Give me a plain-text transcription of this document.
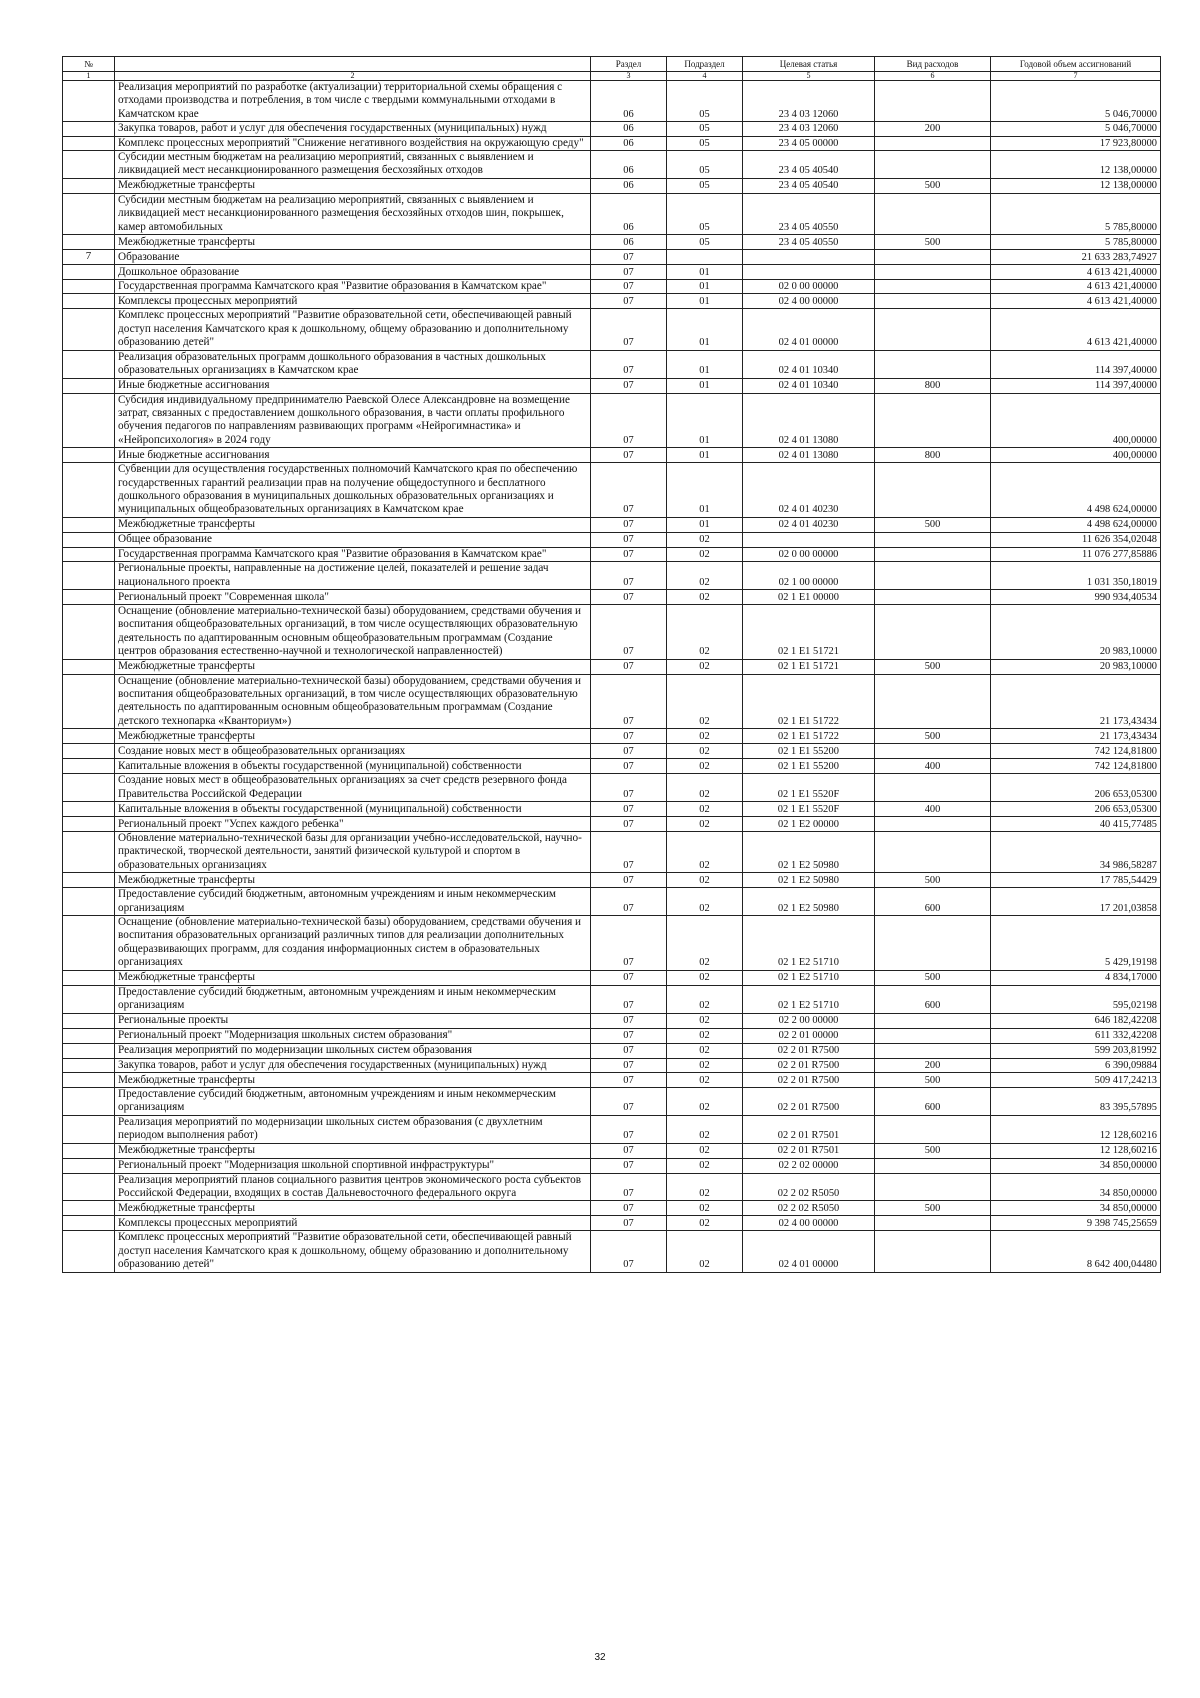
№		Раздел	Подраздел	Целевая статья	Вид расходов	Годовой объем ассигнований
1	2	3	4	5	6	7
	Реализация мероприятий по разработке (актуализации) территориальной схемы обращения с отходами производства и потребления, в том числе с твердыми коммунальными отходами в Камчатском крае	06	05	23 4 03 12060		5 046,70000
	Закупка товаров, работ и услуг для обеспечения государственных (муниципальных) нужд	06	05	23 4 03 12060	200	5 046,70000
	Комплекс процессных мероприятий "Снижение негативного воздействия на окружающую среду"	06	05	23 4 05 00000		17 923,80000
	Субсидии местным бюджетам на реализацию мероприятий, связанных с выявлением и ликвидацией мест несанкционированного размещения бесхозяйных отходов	06	05	23 4 05 40540		12 138,00000
	Межбюджетные трансферты	06	05	23 4 05 40540	500	12 138,00000
	Субсидии местным бюджетам на реализацию мероприятий, связанных с выявлением и ликвидацией мест несанкционированного размещения бесхозяйных отходов шин, покрышек, камер автомобильных	06	05	23 4 05 40550		5 785,80000
	Межбюджетные трансферты	06	05	23 4 05 40550	500	5 785,80000
7	Образование	07				21 633 283,74927
	Дошкольное образование	07	01			4 613 421,40000
	Государственная программа Камчатского края "Развитие образования в Камчатском крае"	07	01	02 0 00 00000		4 613 421,40000
	Комплексы процессных мероприятий	07	01	02 4 00 00000		4 613 421,40000
	Комплекс процессных мероприятий "Развитие образовательной сети, обеспечивающей равный доступ населения Камчатского края к дошкольному, общему образованию и дополнительному образованию детей"	07	01	02 4 01 00000		4 613 421,40000
	Реализация образовательных программ дошкольного образования в частных дошкольных образовательных организациях в Камчатском крае	07	01	02 4 01 10340		114 397,40000
	Иные бюджетные ассигнования	07	01	02 4 01 10340	800	114 397,40000
	Субсидия индивидуальному предпринимателю Раевской Олесе Александровне на возмещение затрат, связанных с предоставлением дошкольного образования, в части оплаты профильного обучения педагогов по направлениям развивающих программ «Нейрогимнастика» и «Нейропсихология» в 2024 году	07	01	02 4 01 13080		400,00000
	Иные бюджетные ассигнования	07	01	02 4 01 13080	800	400,00000
	Субвенции для осуществления государственных полномочий Камчатского края по обеспечению государственных гарантий реализации прав на получение общедоступного и бесплатного дошкольного образования в муниципальных дошкольных образовательных организациях и муниципальных общеобразовательных организациях в Камчатском крае	07	01	02 4 01 40230		4 498 624,00000
	Межбюджетные трансферты	07	01	02 4 01 40230	500	4 498 624,00000
	Общее образование	07	02			11 626 354,02048
	Государственная программа Камчатского края "Развитие образования в Камчатском крае"	07	02	02 0 00 00000		11 076 277,85886
	Региональные проекты, направленные на достижение целей, показателей и решение задач национального проекта	07	02	02 1 00 00000		1 031 350,18019
	Региональный проект "Современная школа"	07	02	02 1 Е1 00000		990 934,40534
	Оснащение (обновление материально-технической базы) оборудованием, средствами обучения и воспитания общеобразовательных организаций, в том числе осуществляющих образовательную деятельность по адаптированным основным общеобразовательным программам (Создание центров образования естественно-научной и технологической направленностей)	07	02	02 1 Е1 51721		20 983,10000
	Межбюджетные трансферты	07	02	02 1 Е1 51721	500	20 983,10000
	Оснащение (обновление материально-технической базы) оборудованием, средствами обучения и воспитания общеобразовательных организаций, в том числе осуществляющих образовательную деятельность по адаптированным основным общеобразовательным программам (Создание детского технопарка «Кванториум»)	07	02	02 1 Е1 51722		21 173,43434
	Межбюджетные трансферты	07	02	02 1 Е1 51722	500	21 173,43434
	Создание новых мест в общеобразовательных организациях	07	02	02 1 Е1 55200		742 124,81800
	Капитальные вложения в объекты государственной (муниципальной) собственности	07	02	02 1 Е1 55200	400	742 124,81800
	Создание новых мест в общеобразовательных организациях за счет средств резервного фонда Правительства Российской Федерации	07	02	02 1 Е1 5520F		206 653,05300
	Капитальные вложения в объекты государственной (муниципальной) собственности	07	02	02 1 Е1 5520F	400	206 653,05300
	Региональный проект "Успех каждого ребенка"	07	02	02 1 Е2 00000		40 415,77485
	Обновление материально-технической базы для организации учебно-исследовательской, научно-практической, творческой деятельности, занятий физической культурой и спортом в образовательных организациях	07	02	02 1 Е2 50980		34 986,58287
	Межбюджетные трансферты	07	02	02 1 Е2 50980	500	17 785,54429
	Предоставление субсидий бюджетным, автономным учреждениям и иным некоммерческим организациям	07	02	02 1 Е2 50980	600	17 201,03858
	Оснащение (обновление материально-технической базы) оборудованием, средствами обучения и воспитания образовательных организаций различных типов для реализации дополнительных общеразвивающих программ, для создания информационных систем в образовательных организациях	07	02	02 1 Е2 51710		5 429,19198
	Межбюджетные трансферты	07	02	02 1 Е2 51710	500	4 834,17000
	Предоставление субсидий бюджетным, автономным учреждениям и иным некоммерческим организациям	07	02	02 1 Е2 51710	600	595,02198
	Региональные проекты	07	02	02 2 00 00000		646 182,42208
	Региональный проект "Модернизация школьных систем образования"	07	02	02 2 01 00000		611 332,42208
	Реализация мероприятий по модернизации школьных систем образования	07	02	02 2 01 R7500		599 203,81992
	Закупка товаров, работ и услуг для обеспечения государственных (муниципальных) нужд	07	02	02 2 01 R7500	200	6 390,09884
	Межбюджетные трансферты	07	02	02 2 01 R7500	500	509 417,24213
	Предоставление субсидий бюджетным, автономным учреждениям и иным некоммерческим организациям	07	02	02 2 01 R7500	600	83 395,57895
	Реализация мероприятий по модернизации школьных систем образования (с двухлетним периодом выполнения работ)	07	02	02 2 01 R7501		12 128,60216
	Межбюджетные трансферты	07	02	02 2 01 R7501	500	12 128,60216
	Региональный проект "Модернизация школьной спортивной инфраструктуры"	07	02	02 2 02 00000		34 850,00000
	Реализация мероприятий планов социального развития центров экономического роста субъектов Российской Федерации, входящих в состав Дальневосточного федерального округа	07	02	02 2 02 R5050		34 850,00000
	Межбюджетные трансферты	07	02	02 2 02 R5050	500	34 850,00000
	Комплексы процессных мероприятий	07	02	02 4 00 00000		9 398 745,25659
	Комплекс процессных мероприятий "Развитие образовательной сети, обеспечивающей равный доступ населения Камчатского края к дошкольному, общему образованию и дополнительному образованию детей"	07	02	02 4 01 00000		8 642 400,04480
32
